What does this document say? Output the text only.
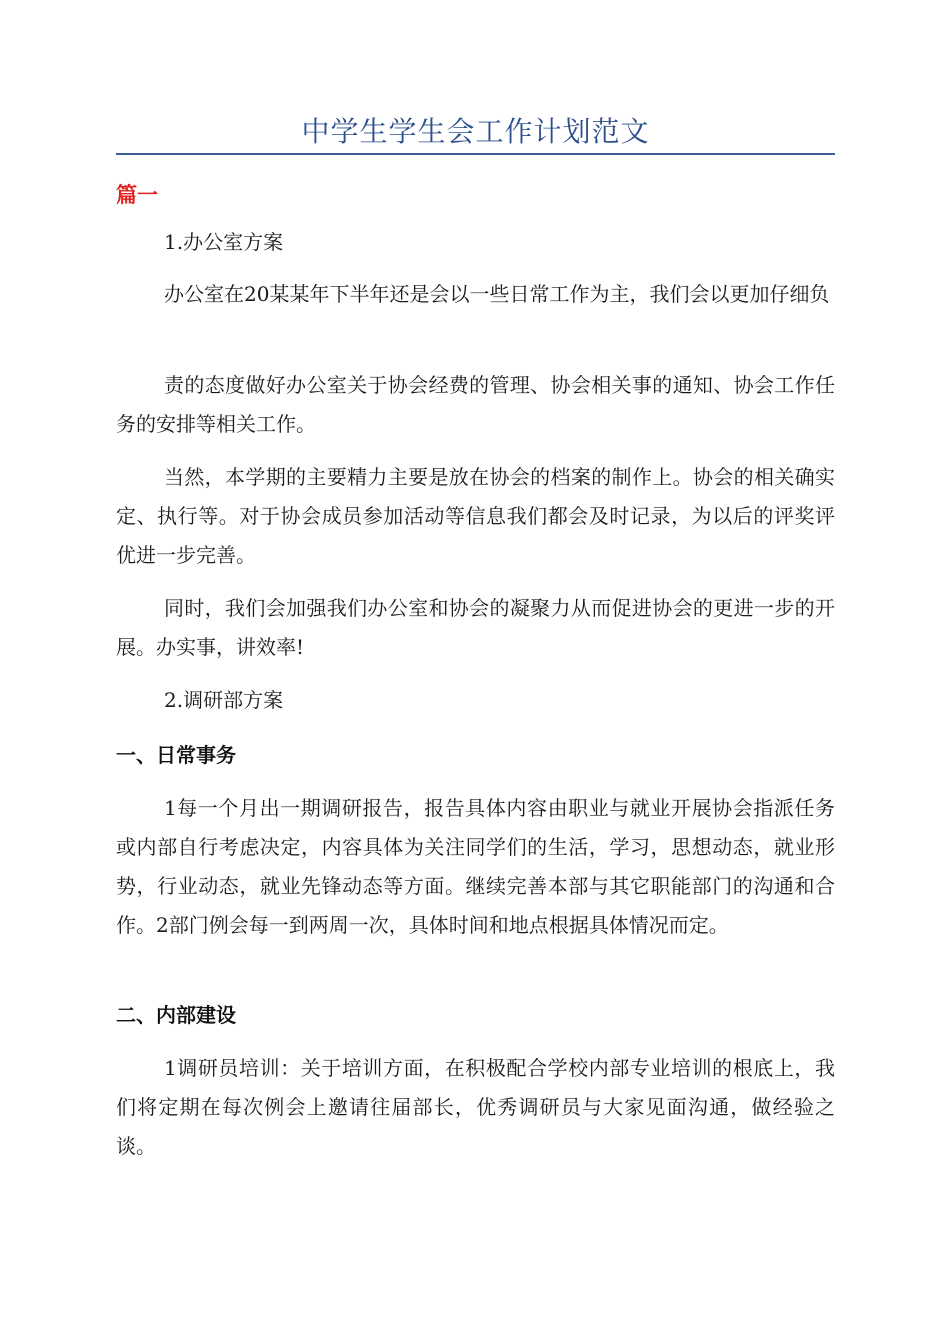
中学生学生会工作计划范文
篇一

1.办公室方案

办公室在20某某年下半年还是会以一些日常工作为主，我们会以更加仔细负

责的态度做好办公室关于协会经费的管理、协会相关事的通知、协会工作任务的安排等相关工作。

当然，本学期的主要精力主要是放在协会的档案的制作上。协会的相关确实定、执行等。对于协会成员参加活动等信息我们都会及时记录，为以后的评奖评优进一步完善。

同时，我们会加强我们办公室和协会的凝聚力从而促进协会的更进一步的开展。办实事，讲效率!

2.调研部方案

一、日常事务

1每一个月出一期调研报告，报告具体内容由职业与就业开展协会指派任务或内部自行考虑决定，内容具体为关注同学们的生活，学习，思想动态，就业形势，行业动态，就业先锋动态等方面。继续完善本部与其它职能部门的沟通和合作。2部门例会每一到两周一次，具体时间和地点根据具体情况而定。

二、内部建设

1调研员培训：关于培训方面，在积极配合学校内部专业培训的根底上，我们将定期在每次例会上邀请往届部长，优秀调研员与大家见面沟通，做经验之谈。
